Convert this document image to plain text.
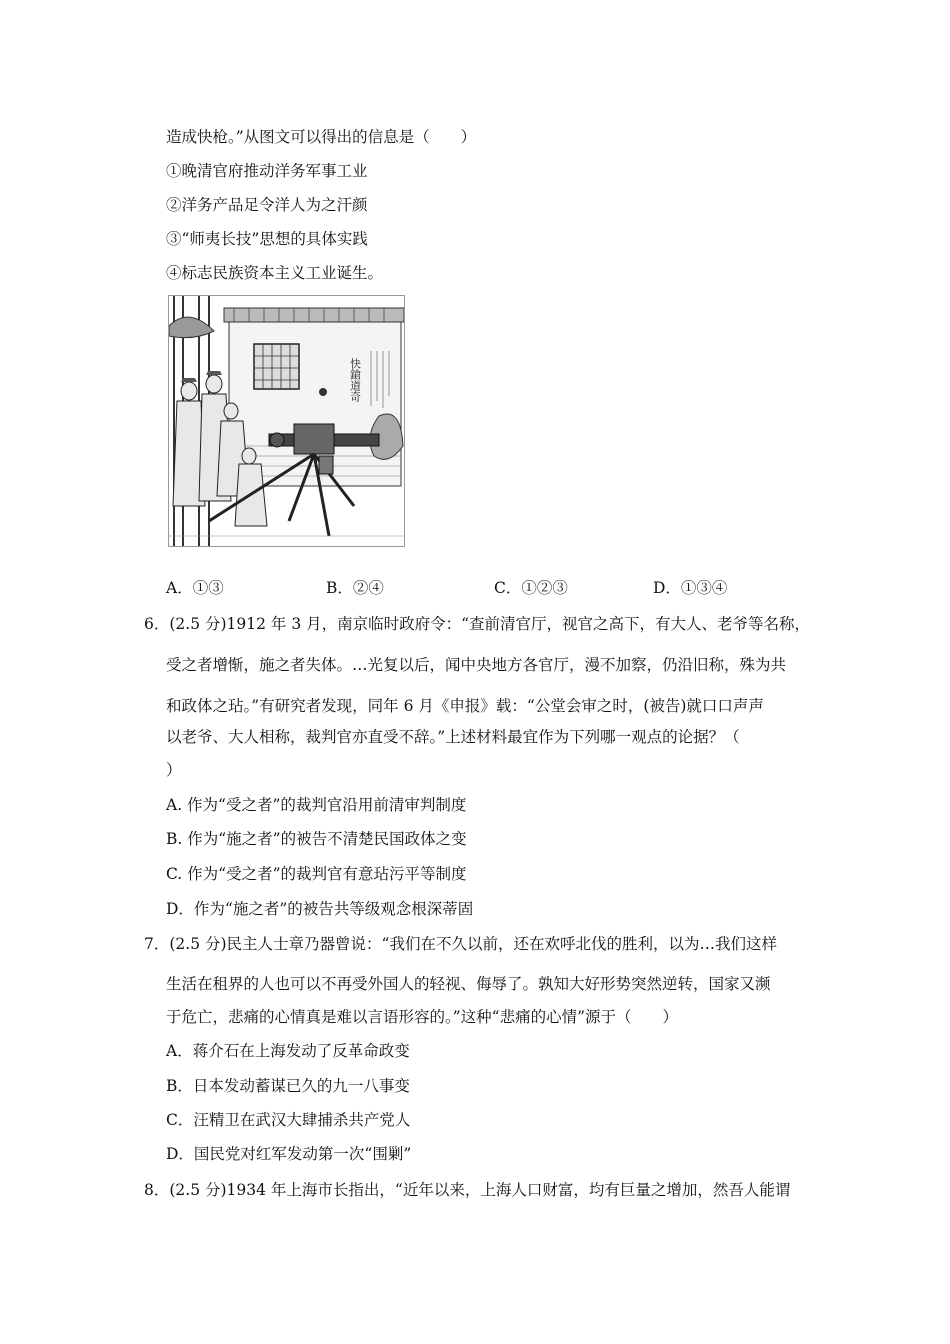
造成快枪。”从图文可以得出的信息是（　　）
①晚清官府推动洋务军事工业
②洋务产品足令洋人为之汗颜
③“师夷长技”思想的具体实践
④标志民族资本主义工业诞生。
快鎗道奇
A．①③	B．②④	C．①②③	D．①③④
6．(2.5 分)1912 年 3 月，南京临时政府令：“查前清官厅，视官之高下，有大人、老爷等名称，
受之者增惭，施之者失体。…光复以后，闻中央地方各官厅，漫不加察，仍沿旧称，殊为共
和政体之玷。”有研究者发现，同年 6 月《申报》载：“公堂会审之时，(被告)就口口声声
以老爷、大人相称，裁判官亦直受不辞。”上述材料最宜作为下列哪一观点的论据？（
）
A. 作为“受之者”的裁判官沿用前清审判制度
B. 作为“施之者”的被告不清楚民国政体之变
C. 作为“受之者”的裁判官有意玷污平等制度
D．作为“施之者”的被告共等级观念根深蒂固
7．(2.5 分)民主人士章乃器曾说：“我们在不久以前，还在欢呼北伐的胜利，以为…我们这样
生活在租界的人也可以不再受外国人的轻视、侮辱了。孰知大好形势突然逆转，国家又濒
于危亡，悲痛的心情真是难以言语形容的。”这种“悲痛的心情”源于（　　）
A．蒋介石在上海发动了反革命政变
B．日本发动蓄谋已久的九一八事变
C．汪精卫在武汉大肆捕杀共产党人
D．国民党对红军发动第一次“围剿”
8．(2.5 分)1934 年上海市长指出，“近年以来，上海人口财富，均有巨量之增加，然吾人能谓
